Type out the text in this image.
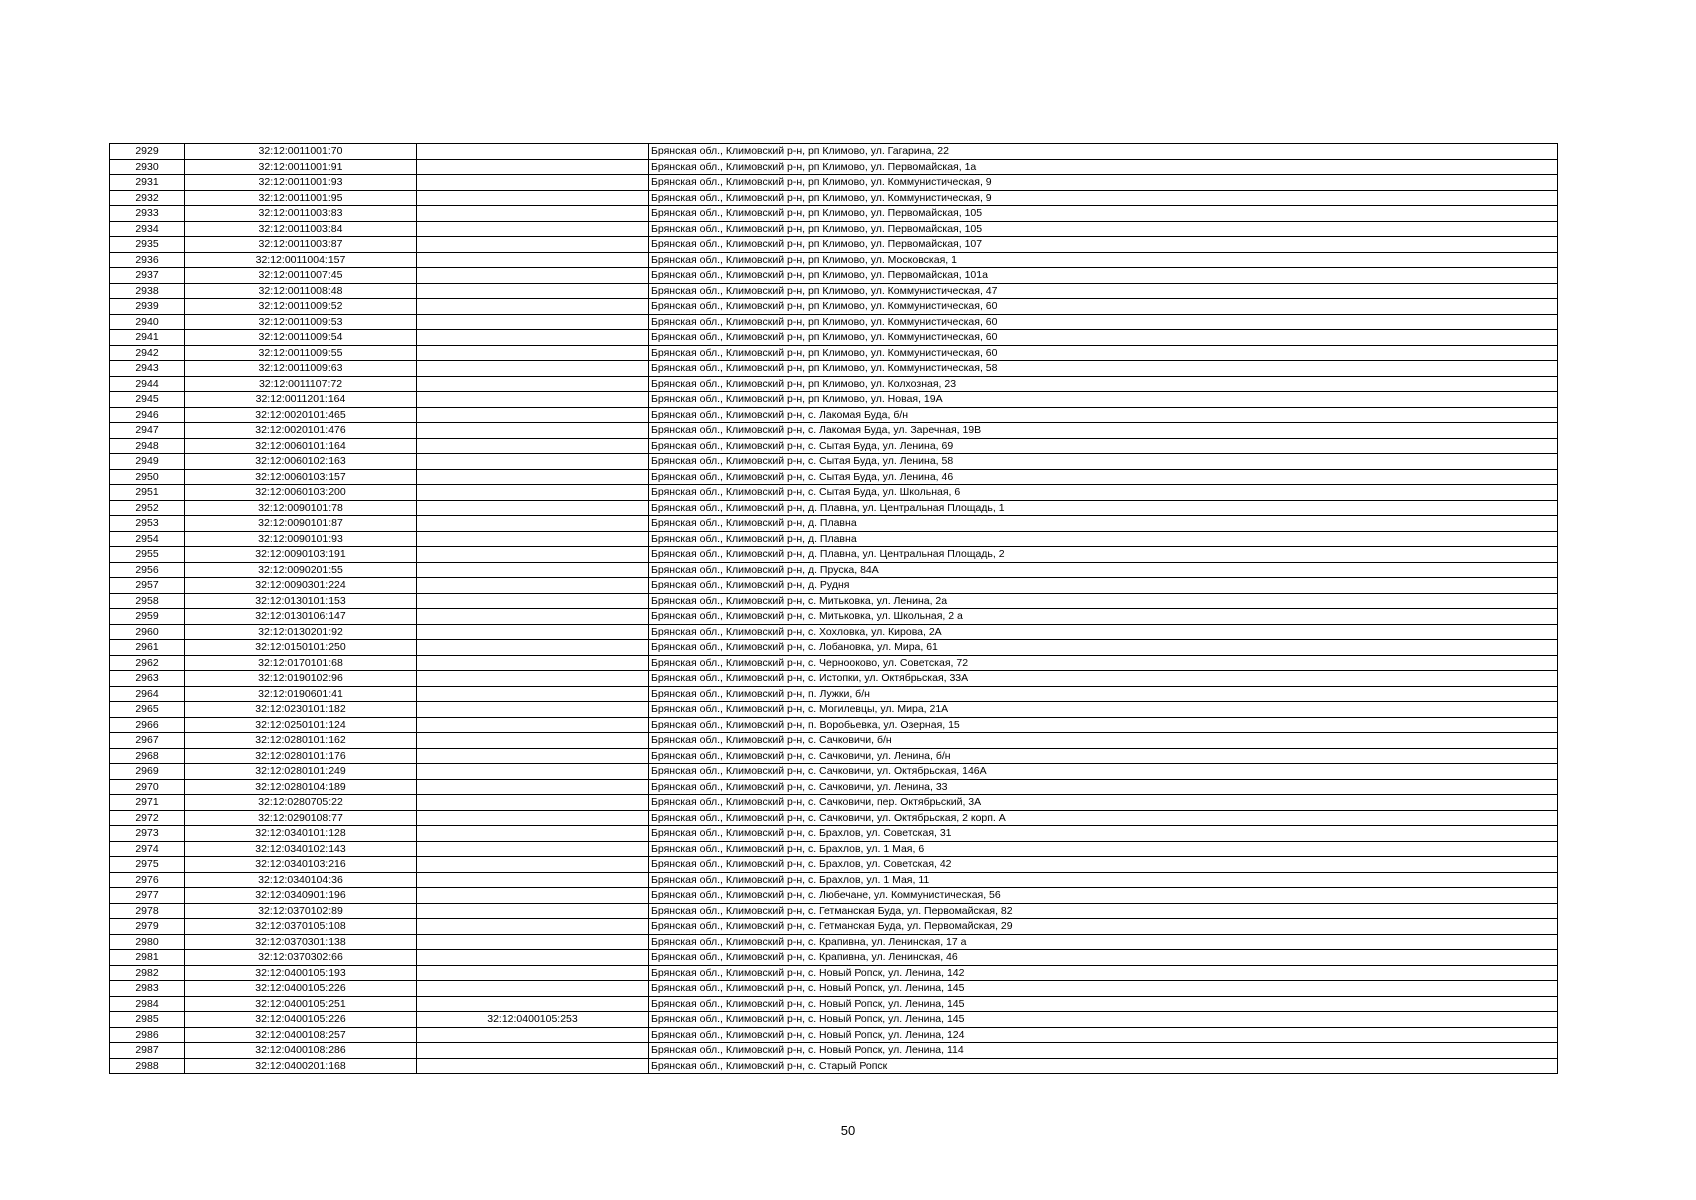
2929	32:12:0011001:70		Брянская обл., Климовский р-н, рп Климово, ул. Гагарина, 22
2930	32:12:0011001:91		Брянская обл., Климовский р-н, рп Климово, ул. Первомайская, 1а
2931	32:12:0011001:93		Брянская обл., Климовский р-н, рп Климово, ул. Коммунистическая, 9
2932	32:12:0011001:95		Брянская обл., Климовский р-н, рп Климово, ул. Коммунистическая, 9
2933	32:12:0011003:83		Брянская обл., Климовский р-н, рп Климово, ул. Первомайская, 105
2934	32:12:0011003:84		Брянская обл., Климовский р-н, рп Климово, ул. Первомайская, 105
2935	32:12:0011003:87		Брянская обл., Климовский р-н, рп Климово, ул. Первомайская, 107
2936	32:12:0011004:157		Брянская обл., Климовский р-н, рп Климово, ул. Московская, 1
2937	32:12:0011007:45		Брянская обл., Климовский р-н, рп Климово, ул. Первомайская, 101а
2938	32:12:0011008:48		Брянская обл., Климовский р-н, рп Климово, ул. Коммунистическая, 47
2939	32:12:0011009:52		Брянская обл., Климовский р-н, рп Климово, ул. Коммунистическая, 60
2940	32:12:0011009:53		Брянская обл., Климовский р-н, рп Климово, ул. Коммунистическая, 60
2941	32:12:0011009:54		Брянская обл., Климовский р-н, рп Климово, ул. Коммунистическая, 60
2942	32:12:0011009:55		Брянская обл., Климовский р-н, рп Климово, ул. Коммунистическая, 60
2943	32:12:0011009:63		Брянская обл., Климовский р-н, рп Климово, ул. Коммунистическая, 58
2944	32:12:0011107:72		Брянская обл., Климовский р-н, рп Климово, ул. Колхозная, 23
2945	32:12:0011201:164		Брянская обл., Климовский р-н, рп Климово, ул. Новая, 19А
2946	32:12:0020101:465		Брянская обл., Климовский р-н, с. Лакомая Буда, б/н
2947	32:12:0020101:476		Брянская обл., Климовский р-н, с. Лакомая Буда, ул. Заречная, 19В
2948	32:12:0060101:164		Брянская обл., Климовский р-н, с. Сытая Буда, ул. Ленина, 69
2949	32:12:0060102:163		Брянская обл., Климовский р-н, с. Сытая Буда, ул. Ленина, 58
2950	32:12:0060103:157		Брянская обл., Климовский р-н, с. Сытая Буда, ул. Ленина, 46
2951	32:12:0060103:200		Брянская обл., Климовский р-н, с. Сытая Буда, ул. Школьная, 6
2952	32:12:0090101:78		Брянская обл., Климовский р-н, д. Плавна, ул. Центральная Площадь, 1
2953	32:12:0090101:87		Брянская обл., Климовский р-н, д. Плавна
2954	32:12:0090101:93		Брянская обл., Климовский р-н, д. Плавна
2955	32:12:0090103:191		Брянская обл., Климовский р-н, д. Плавна, ул. Центральная Площадь, 2
2956	32:12:0090201:55		Брянская обл., Климовский р-н, д. Пруска, 84А
2957	32:12:0090301:224		Брянская обл., Климовский р-н, д. Рудня
2958	32:12:0130101:153		Брянская обл., Климовский р-н, с. Митьковка, ул. Ленина, 2а
2959	32:12:0130106:147		Брянская обл., Климовский р-н, с. Митьковка, ул. Школьная, 2 а
2960	32:12:0130201:92		Брянская обл., Климовский р-н, с. Хохловка, ул. Кирова, 2А
2961	32:12:0150101:250		Брянская обл., Климовский р-н, с. Лобановка, ул. Мира, 61
2962	32:12:0170101:68		Брянская обл., Климовский р-н, с. Чернооково, ул. Советская, 72
2963	32:12:0190102:96		Брянская обл., Климовский р-н, с. Истопки, ул. Октябрьская, 33А
2964	32:12:0190601:41		Брянская обл., Климовский р-н, п. Лужки, б/н
2965	32:12:0230101:182		Брянская обл., Климовский р-н, с. Могилевцы, ул. Мира, 21А
2966	32:12:0250101:124		Брянская обл., Климовский р-н, п. Воробьевка, ул. Озерная, 15
2967	32:12:0280101:162		Брянская обл., Климовский р-н, с. Сачковичи, б/н
2968	32:12:0280101:176		Брянская обл., Климовский р-н, с. Сачковичи, ул. Ленина, б/н
2969	32:12:0280101:249		Брянская обл., Климовский р-н, с. Сачковичи, ул. Октябрьская, 146А
2970	32:12:0280104:189		Брянская обл., Климовский р-н, с. Сачковичи, ул. Ленина, 33
2971	32:12:0280705:22		Брянская обл., Климовский р-н, с. Сачковичи, пер. Октябрьский, 3А
2972	32:12:0290108:77		Брянская обл., Климовский р-н, с. Сачковичи, ул. Октябрьская, 2 корп. А
2973	32:12:0340101:128		Брянская обл., Климовский р-н, с. Брахлов, ул. Советская, 31
2974	32:12:0340102:143		Брянская обл., Климовский р-н, с. Брахлов, ул. 1 Мая, 6
2975	32:12:0340103:216		Брянская обл., Климовский р-н, с. Брахлов, ул. Советская, 42
2976	32:12:0340104:36		Брянская обл., Климовский р-н, с. Брахлов, ул. 1 Мая, 11
2977	32:12:0340901:196		Брянская обл., Климовский р-н, с. Любечане, ул. Коммунистическая, 56
2978	32:12:0370102:89		Брянская обл., Климовский р-н, с. Гетманская Буда, ул. Первомайская, 82
2979	32:12:0370105:108		Брянская обл., Климовский р-н, с. Гетманская Буда, ул. Первомайская, 29
2980	32:12:0370301:138		Брянская обл., Климовский р-н, с. Крапивна, ул. Ленинская, 17 а
2981	32:12:0370302:66		Брянская обл., Климовский р-н, с. Крапивна, ул. Ленинская, 46
2982	32:12:0400105:193		Брянская обл., Климовский р-н, с. Новый Ропск, ул. Ленина, 142
2983	32:12:0400105:226		Брянская обл., Климовский р-н, с. Новый Ропск, ул. Ленина, 145
2984	32:12:0400105:251		Брянская обл., Климовский р-н, с. Новый Ропск, ул. Ленина, 145
2985	32:12:0400105:226	32:12:0400105:253	Брянская обл., Климовский р-н, с. Новый Ропск, ул. Ленина, 145
2986	32:12:0400108:257		Брянская обл., Климовский р-н, с. Новый Ропск, ул. Ленина, 124
2987	32:12:0400108:286		Брянская обл., Климовский р-н, с. Новый Ропск, ул. Ленина, 114
2988	32:12:0400201:168		Брянская обл., Климовский р-н, с. Старый Ропск
50
